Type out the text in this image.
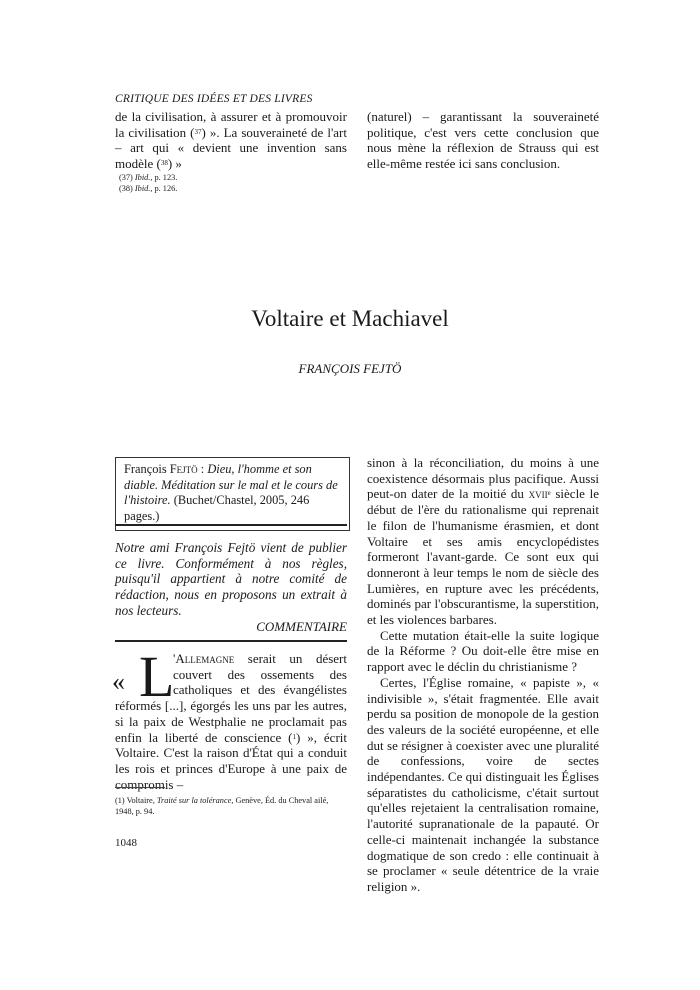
CRITIQUE DES IDÉES ET DES LIVRES
de la civilisation, à assurer et à promouvoir la civilisation ($^{37}$) ». La souveraineté de l'art – art qui « devient une invention sans modèle ($^{38}$) »
(naturel) – garantissant la souveraineté politique, c'est vers cette conclusion que nous mène la réflexion de Strauss qui est elle-même restée ici sans conclusion.
(37) Ibid., p. 123.
(38) Ibid., p. 126.
Voltaire et Machiavel
FRANÇOIS FEJTÖ
François Fejtö : Dieu, l'homme et son diable. Méditation sur le mal et le cours de l'histoire. (Buchet/Chastel, 2005, 246 pages.)
Notre ami François Fejtö vient de publier ce livre. Conformément à nos règles, puisqu'il appartient à notre comité de rédaction, nous en proposons un extrait à nos lecteurs.
COMMENTAIRE
« L
'Allemagne serait un désert couvert des ossements des catholiques et des évangélistes réformés [...], égorgés les uns par les autres, si la paix de Westphalie ne proclamait pas enfin la liberté de conscience ($^1$) », écrit Voltaire. C'est la raison d'État qui a conduit les rois et princes d'Europe à une paix de compromis –
(1) Voltaire, Traité sur la tolérance, Genève, Éd. du Cheval ailé, 1948, p. 94.

sinon à la réconciliation, du moins à une coexistence désormais plus pacifique. Aussi peut-on dater de la moitié du xvii$^e$ siècle le début de l'ère du rationalisme qui reprenait le filon de l'humanisme érasmien, et dont Voltaire et ses amis encyclopédistes formeront l'avant-garde. Ce sont eux qui donneront à leur temps le nom de siècle des Lumières, en rupture avec les précédents, dominés par l'obscurantisme, la superstition, et les violences barbares.

Cette mutation était-elle la suite logique de la Réforme ? Ou doit-elle être mise en rapport avec le déclin du christianisme ?

Certes, l'Église romaine, « papiste », « indivisible », s'était fragmentée. Elle avait perdu sa position de monopole de la gestion des valeurs de la société européenne, et elle dut se résigner à coexister avec une pluralité de confessions, voire de sectes indépendantes. Ce qui distinguait les Églises séparatistes du catholicisme, c'était surtout qu'elles rejetaient la centralisation romaine, l'autorité supranationale de la papauté. Or celle-ci maintenait inchangée la substance dogmatique de son credo : elle continuait à se proclamer « seule détentrice de la vraie religion ».

1048
